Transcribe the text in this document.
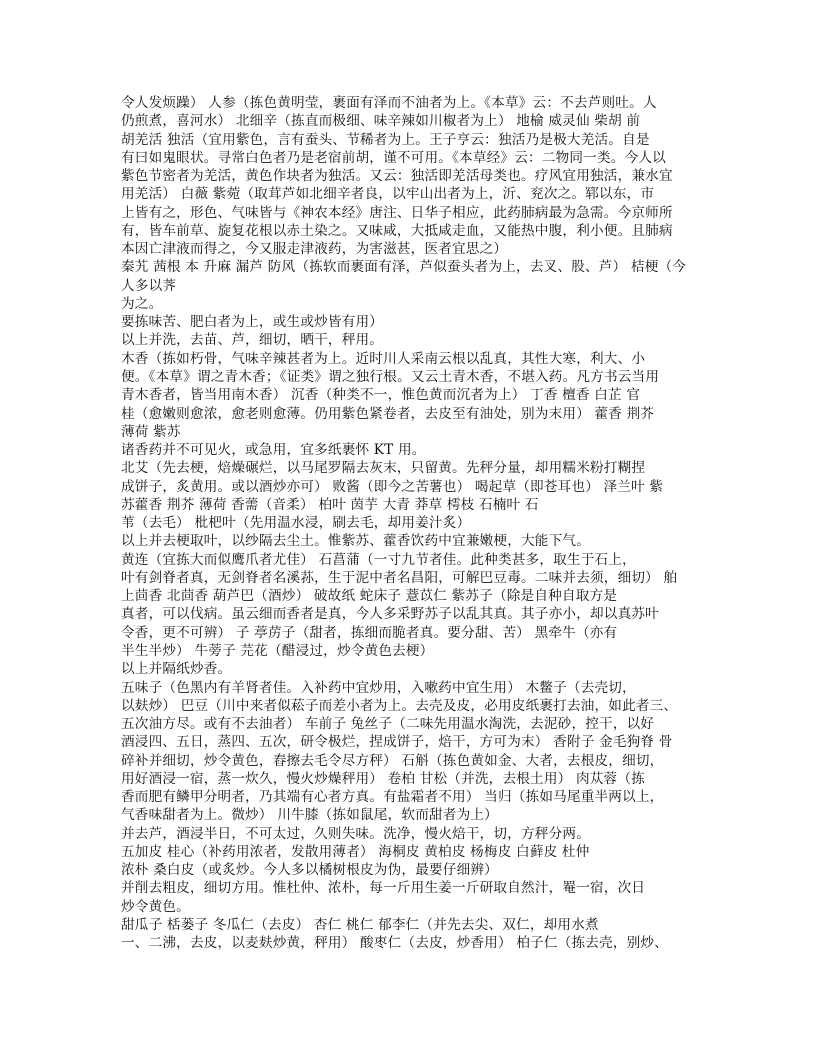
令人发烦躁） 人参（拣色黄明莹，裹面有泽而不油者为上。《本草》云：不去芦则吐。人
仍煎煮，喜河水） 北细辛（拣直而极细、味辛辣如川椒者为上） 地榆 威灵仙 柴胡 前
胡羌活 独活（宜用紫色，言有蚕头、节稀者为上。王子亨云：独活乃是极大羌活。自是
有曰如鬼眼状。寻常白色者乃是老宿前胡，谨不可用。《本草经》云：二物同一类。今人以
紫色节密者为羌活，黄色作块者为独活。又云：独活即羌活母类也。疗风宜用独活，兼水宜
用羌活） 白薇 紫菀（取茸芦如北细辛者良，以牢山出者为上，沂、兖次之。郓以东，市
上皆有之，形色、气味皆与《神农本经》唐注、日华子相应，此药肺病最为急需。今京师所
有，皆车前草、旋复花根以赤土染之。又味咸，大抵咸走血，又能热中腹，利小便。且肺病
本因亡津液而得之，今又服走津液药，为害滋甚，医者宜思之）
秦艽 茜根 本 升麻 漏芦 防风（拣软而裹面有泽，芦似蚕头者为上，去叉、股、芦） 桔梗（今
人多以荠
为之。
要拣味苦、肥白者为上，或生或炒皆有用）
以上并洗，去苗、芦，细切，晒干，秤用。
木香（拣如朽骨，气味辛辣甚者为上。近时川人采南云根以乱真，其性大寒，利大、小
便。《本草》谓之青木香；《证类》谓之独行根。又云土青木香，不堪入药。凡方书云当用
青木香者，皆当用南木香） 沉香（种类不一，惟色黄而沉者为上） 丁香 檀香 白芷 官
桂（愈嫩则愈浓，愈老则愈薄。仍用紫色紧卷者，去皮至有油处，别为末用） 藿香 荆芥
薄荷 紫苏
诸香药并不可见火，或急用，宜多纸裹怀 KT 用。
北艾（先去梗，焙燥碾烂，以马尾罗隔去灰末，只留黄。先秤分量，却用糯米粉打糊捏
成饼子，炙黄用。或以酒炒亦可） 败酱（即今之苦薯也） 喝起草（即苍耳也） 泽兰叶 紫
苏藿香 荆芥 薄荷 香薷（音柔） 柏叶 茵芋 大青 莽草 樗枝 石楠叶 石
苇（去毛） 枇杷叶（先用温水浸，刷去毛，却用姜汁炙）
以上并去梗取叶，以纱隔去尘土。惟紫苏、藿香饮药中宜兼嫩梗，大能下气。
黄连（宜拣大而似鹰爪者尤佳） 石菖蒲（一寸九节者佳。此种类甚多，取生于石上，
叶有剑脊者真，无剑脊者名溪荪，生于泥中者名昌阳，可解巴豆毒。二味并去须，细切） 舶
上茴香 北茴香 葫芦巴（酒炒） 破故纸 蛇床子 薏苡仁 紫苏子（除是自种自取方是
真者，可以伐病。虽云细而香者是真，今人多采野苏子以乱其真。其子亦小，却以真苏叶
令香，更不可辨） 子 葶苈子（甜者，拣细而脆者真。要分甜、苦） 黑牵牛（亦有
半生半炒） 牛蒡子 芫花（醋浸过，炒令黄色去梗）
以上并隔纸炒香。
五味子（色黑内有羊肾者佳。入补药中宜炒用，入嗽药中宜生用） 木鳖子（去壳切，
以麸炒） 巴豆（川中来者似菘子而差小者为上。去壳及皮，必用皮纸裹打去油，如此者三、
五次油方尽。或有不去油者） 车前子 兔丝子（二味先用温水淘洗，去泥砂，控干，以好
酒浸四、五日，蒸四、五次，研令极烂，捏成饼子，焙干，方可为末） 香附子 金毛狗脊 骨
碎补并细切，炒令黄色，舂擦去毛令尽方秤） 石斛（拣色黄如金、大者，去根皮，细切，
用好酒浸一宿，蒸一炊久，慢火炒燥秤用） 卷柏 甘松（并洗，去根土用） 肉苁蓉（拣
香而肥有鳞甲分明者，乃其端有心者方真。有盐霜者不用） 当归（拣如马尾重半两以上，
气香味甜者为上。微炒） 川牛膝（拣如鼠尾，软而甜者为上）
并去芦，酒浸半日，不可太过，久则失味。洗净，慢火焙干，切，方秤分两。
五加皮 桂心（补药用浓者，发散用薄者） 海桐皮 黄柏皮 杨梅皮 白藓皮 杜仲
浓朴 桑白皮（或炙炒。今人多以橘树根皮为伪，最要仔细辨）
并削去粗皮，细切方用。惟杜仲、浓朴，每一斤用生姜一斤研取自然汁，罨一宿，次日
炒令黄色。
甜瓜子 栝蒌子 冬瓜仁（去皮） 杏仁 桃仁 郁李仁（并先去尖、双仁，却用水煮
一、二沸，去皮，以麦麸炒黄，秤用） 酸枣仁（去皮，炒香用） 柏子仁（拣去壳，别炒、
